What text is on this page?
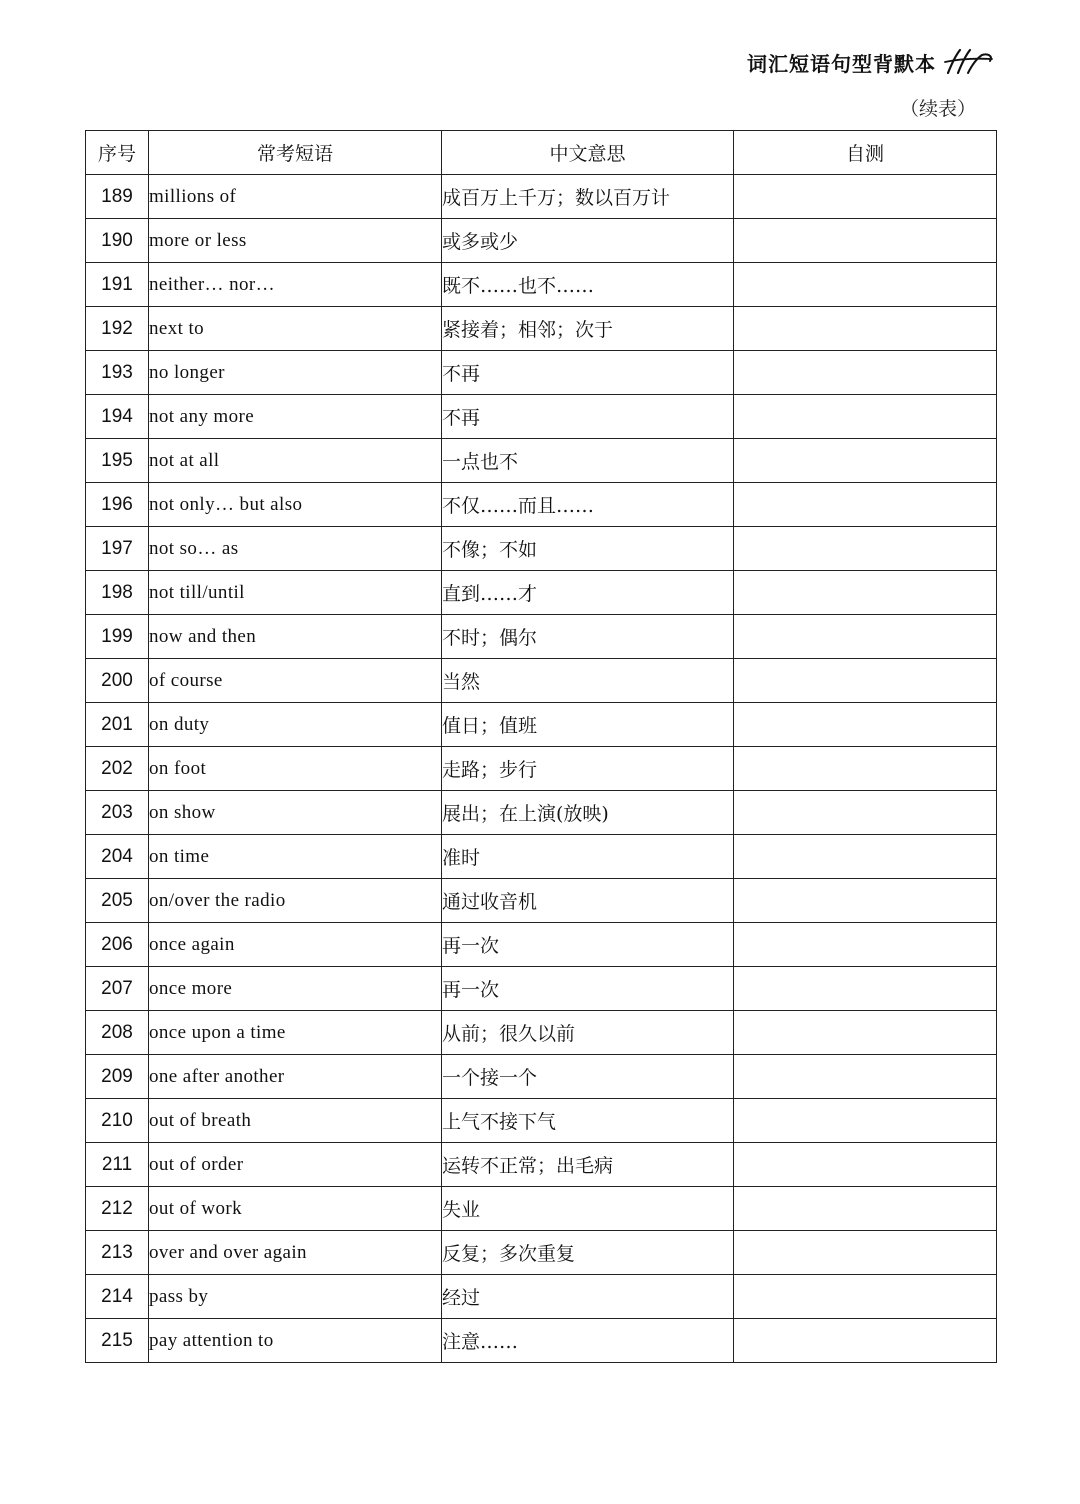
词汇短语句型背默本
（续表）
序号	常考短语	中文意思	自测
189	millions of	成百万上千万；数以百万计	
190	more or less	或多或少	
191	neither… nor…	既不……也不……	
192	next to	紧接着；相邻；次于	
193	no longer	不再	
194	not any more	不再	
195	not at all	一点也不	
196	not only… but also	不仅……而且……	
197	not so… as	不像；不如	
198	not till/until	直到……才	
199	now and then	不时；偶尔	
200	of course	当然	
201	on duty	值日；值班	
202	on foot	走路；步行	
203	on show	展出；在上演(放映)	
204	on time	准时	
205	on/over the radio	通过收音机	
206	once again	再一次	
207	once more	再一次	
208	once upon a time	从前；很久以前	
209	one after another	一个接一个	
210	out of breath	上气不接下气	
211	out of order	运转不正常；出毛病	
212	out of work	失业	
213	over and over again	反复；多次重复	
214	pass by	经过	
215	pay attention to	注意……	
